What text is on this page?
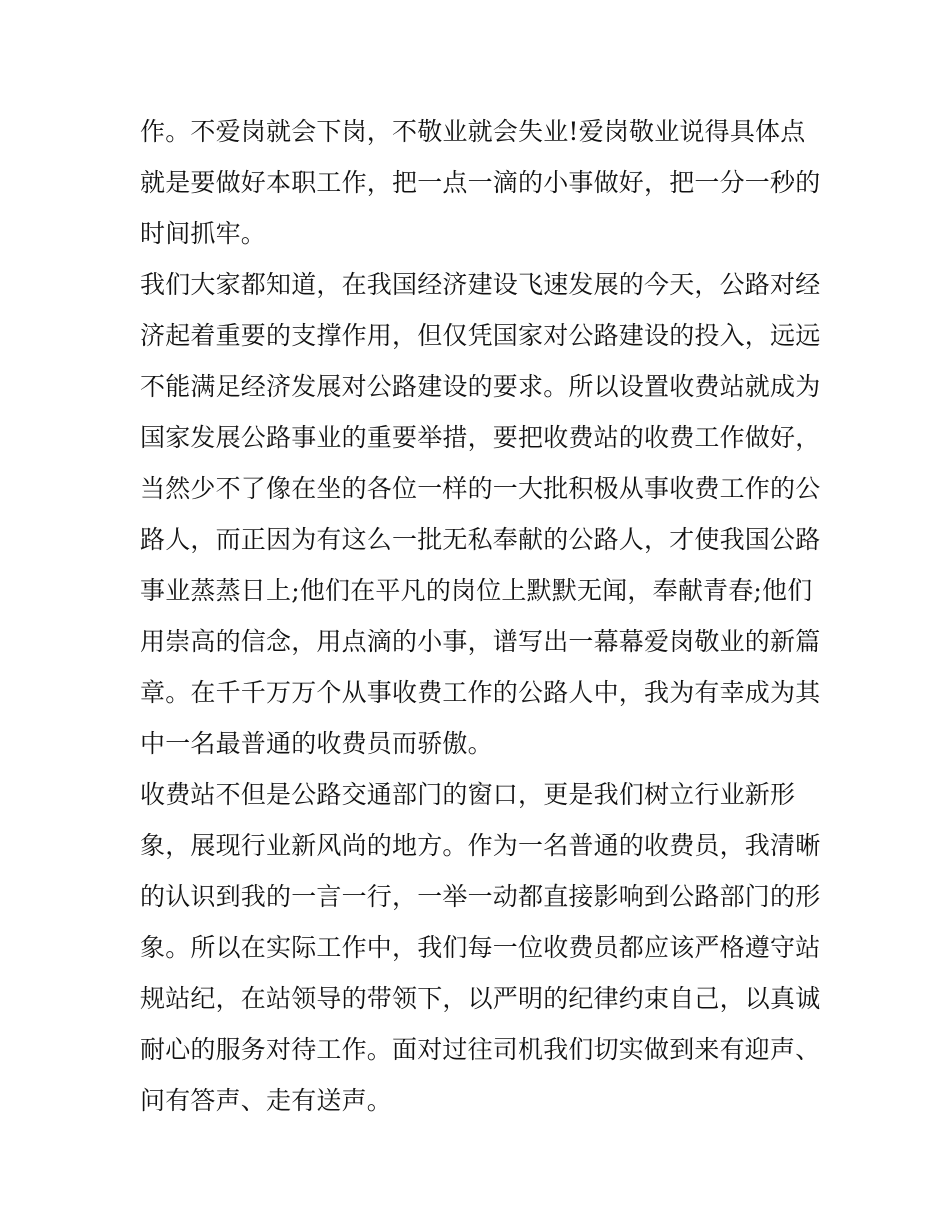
作。不爱岗就会下岗，不敬业就会失业!爱岗敬业说得具体点
就是要做好本职工作，把一点一滴的小事做好，把一分一秒的
时间抓牢。
我们大家都知道，在我国经济建设飞速发展的今天，公路对经
济起着重要的支撑作用，但仅凭国家对公路建设的投入，远远
不能满足经济发展对公路建设的要求。所以设置收费站就成为
国家发展公路事业的重要举措，要把收费站的收费工作做好，
当然少不了像在坐的各位一样的一大批积极从事收费工作的公
路人，而正因为有这么一批无私奉献的公路人，才使我国公路
事业蒸蒸日上;他们在平凡的岗位上默默无闻，奉献青春;他们
用崇高的信念，用点滴的小事，谱写出一幕幕爱岗敬业的新篇
章。在千千万万个从事收费工作的公路人中，我为有幸成为其
中一名最普通的收费员而骄傲。
收费站不但是公路交通部门的窗口，更是我们树立行业新形
象，展现行业新风尚的地方。作为一名普通的收费员，我清晰
的认识到我的一言一行，一举一动都直接影响到公路部门的形
象。所以在实际工作中，我们每一位收费员都应该严格遵守站
规站纪，在站领导的带领下，以严明的纪律约束自己，以真诚
耐心的服务对待工作。面对过往司机我们切实做到来有迎声、
问有答声、走有送声。
